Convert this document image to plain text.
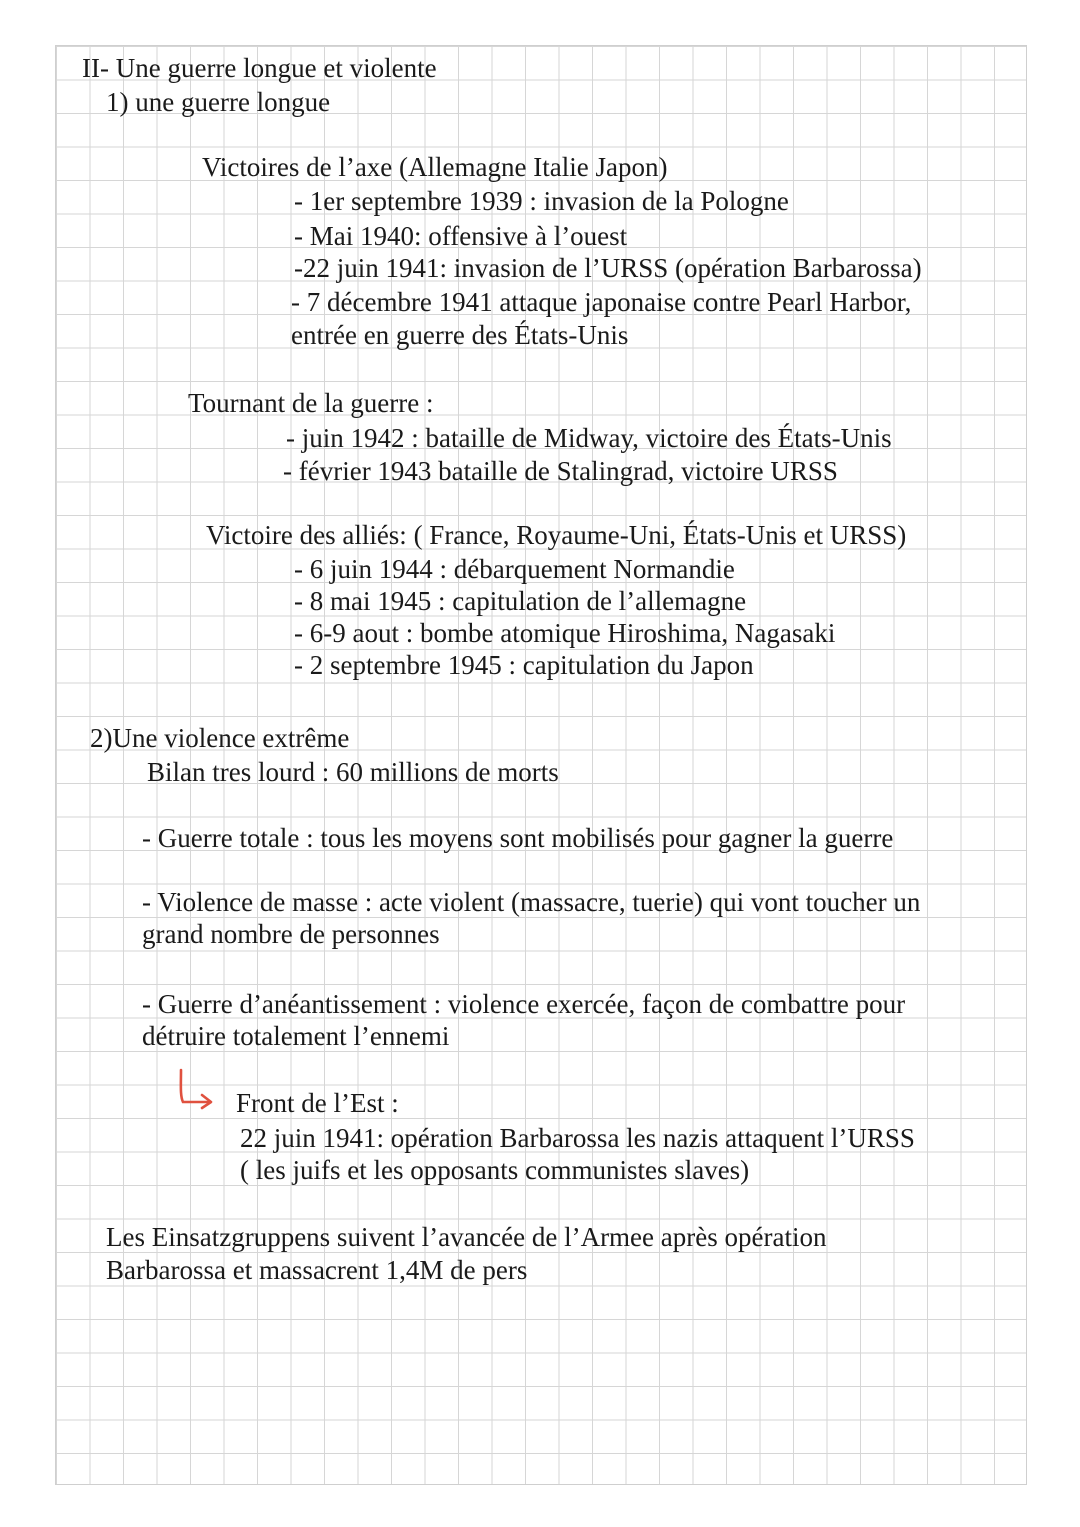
II- Une guerre longue et violente
1) une guerre longue
Victoires de l’axe (Allemagne Italie Japon)
- 1er septembre 1939 : invasion de la Pologne
- Mai 1940: offensive à l’ouest
-22 juin 1941: invasion de l’URSS (opération Barbarossa)
- 7 décembre 1941 attaque japonaise contre Pearl Harbor,
entrée en guerre des États-Unis
Tournant de la guerre :
- juin 1942 : bataille de Midway, victoire des États-Unis
- février 1943 bataille de Stalingrad, victoire URSS
Victoire des alliés: ( France, Royaume-Uni, États-Unis et URSS)
- 6 juin 1944 : débarquement Normandie
- 8 mai 1945 : capitulation de l’allemagne
- 6-9 aout : bombe atomique Hiroshima, Nagasaki
- 2 septembre 1945 : capitulation du Japon
2)Une violence extrême
Bilan tres lourd : 60 millions de morts
- Guerre totale : tous les moyens sont mobilisés pour gagner la guerre
- Violence de masse : acte violent (massacre, tuerie) qui vont toucher un
grand nombre de personnes
- Guerre d’anéantissement : violence exercée, façon de combattre pour
détruire totalement l’ennemi
Front de l’Est :
22 juin 1941: opération Barbarossa les nazis attaquent l’URSS
( les juifs et les opposants communistes slaves)
Les Einsatzgruppens suivent l’avancée de l’Armee après opération
Barbarossa et massacrent 1,4M de pers
